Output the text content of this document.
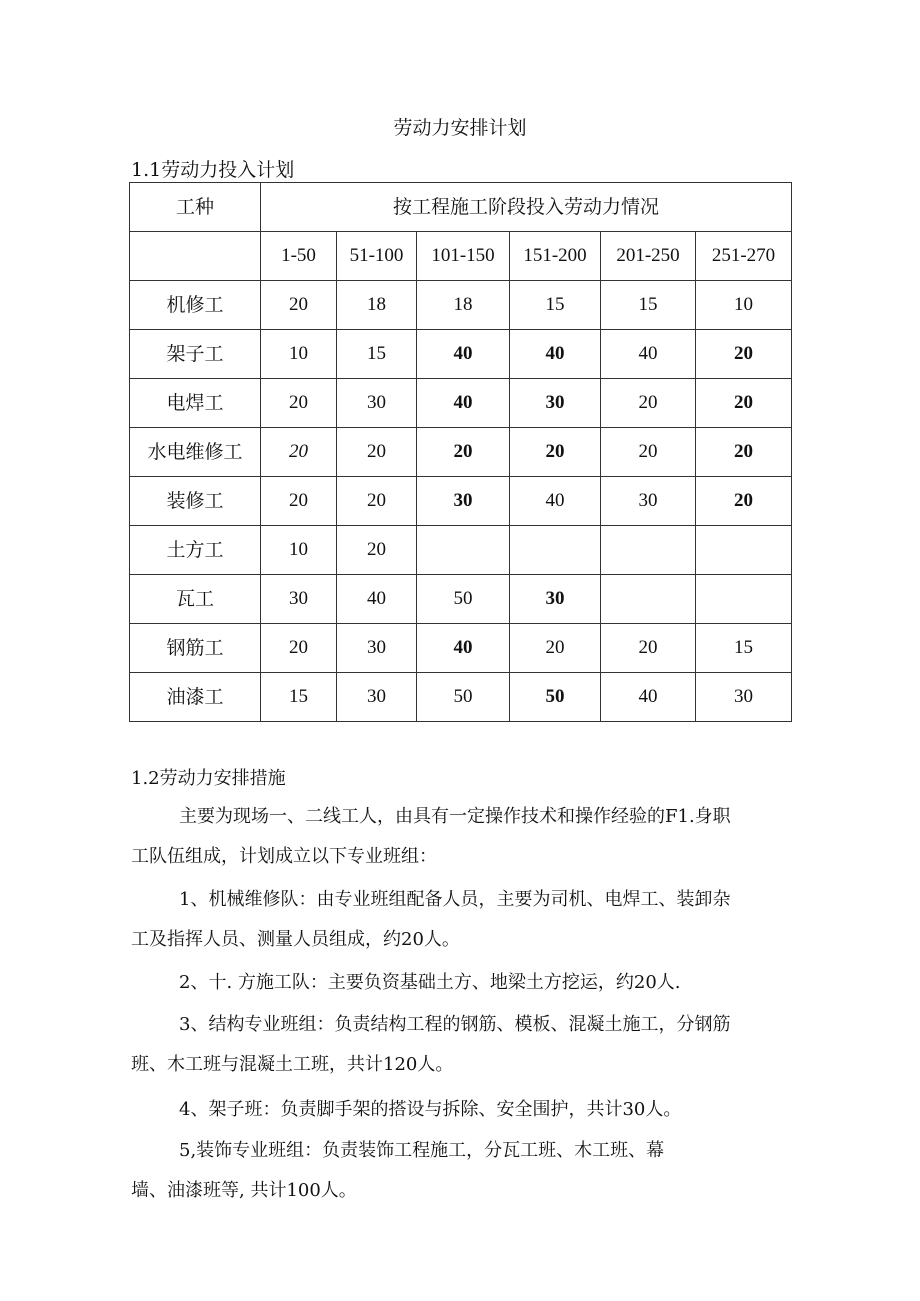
劳动力安排计划
1.1劳动力投入计划
工种	按工程施工阶段投入劳动力情况					
	1-50	51-100	101-150	151-200	201-250	251-270
机修工	20	18	18	15	15	10
架子工	10	15	40	40	40	20
电焊工	20	30	40	30	20	20
水电维修工	20	20	20	20	20	20
装修工	20	20	30	40	30	20
土方工	10	20				
瓦工	30	40	50	30		
钢筋工	20	30	40	20	20	15
油漆工	15	30	50	50	40	30
1.2劳动力安排措施
主要为现场一、二线工人，由具有一定操作技术和操作经验的F1.身职
工队伍组成，计划成立以下专业班组：
1、机械维修队：由专业班组配备人员，主要为司机、电焊工、装卸杂
工及指挥人员、测量人员组成，约20人。
2、十. 方施工队：主要负资基础土方、地梁土方挖运，约20人.
3、结构专业班组：负责结构工程的钢筋、模板、混凝土施工，分钢筋
班、木工班与混凝土工班，共计120人。
4、架子班：负责脚手架的搭设与拆除、安全围护，共计30人。
5,装饰专业班组：负责装饰工程施工，分瓦工班、木工班、幕
墙、油漆班等, 共计100人。
